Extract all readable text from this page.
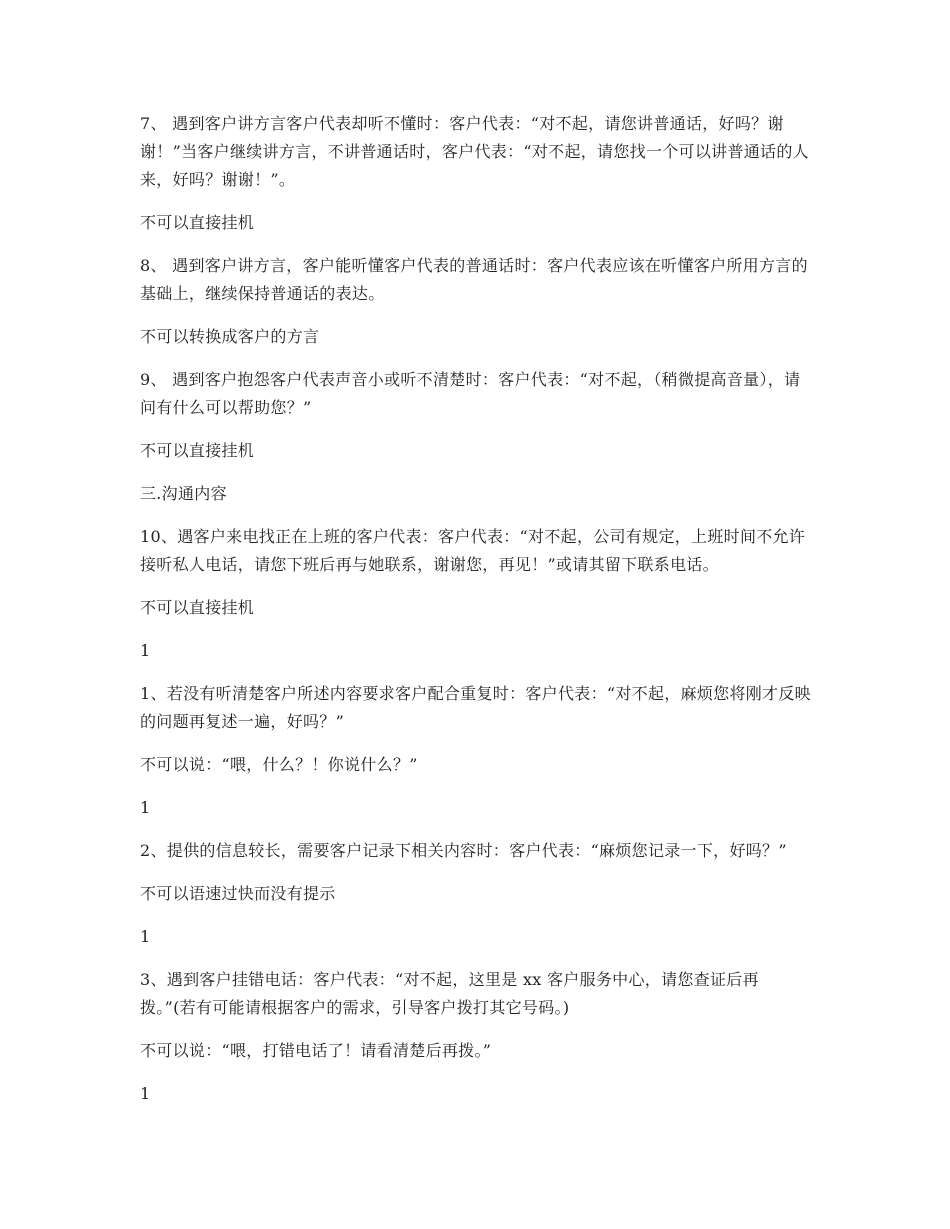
7、 遇到客户讲方言客户代表却听不懂时：客户代表：“对不起，请您讲普通话，好吗？谢谢！”当客户继续讲方言，不讲普通话时，客户代表：“对不起，请您找一个可以讲普通话的人来，好吗？谢谢！”。

不可以直接挂机

8、 遇到客户讲方言，客户能听懂客户代表的普通话时：客户代表应该在听懂客户所用方言的基础上，继续保持普通话的表达。

不可以转换成客户的方言

9、 遇到客户抱怨客户代表声音小或听不清楚时：客户代表：“对不起，（稍微提高音量），请问有什么可以帮助您？”

不可以直接挂机

三.沟通内容

10、遇客户来电找正在上班的客户代表：客户代表：“对不起，公司有规定，上班时间不允许接听私人电话，请您下班后再与她联系，谢谢您，再见！”或请其留下联系电话。

不可以直接挂机

1

1、若没有听清楚客户所述内容要求客户配合重复时：客户代表：“对不起，麻烦您将刚才反映的问题再复述一遍，好吗？”

不可以说：“喂，什么？！你说什么？”

1

2、提供的信息较长，需要客户记录下相关内容时：客户代表：“麻烦您记录一下，好吗？”

不可以语速过快而没有提示

1

3、遇到客户挂错电话：客户代表：“对不起，这里是 xx 客户服务中心，请您查证后再拨。”(若有可能请根据客户的需求，引导客户拨打其它号码。)

不可以说：“喂，打错电话了！请看清楚后再拨。”

1
